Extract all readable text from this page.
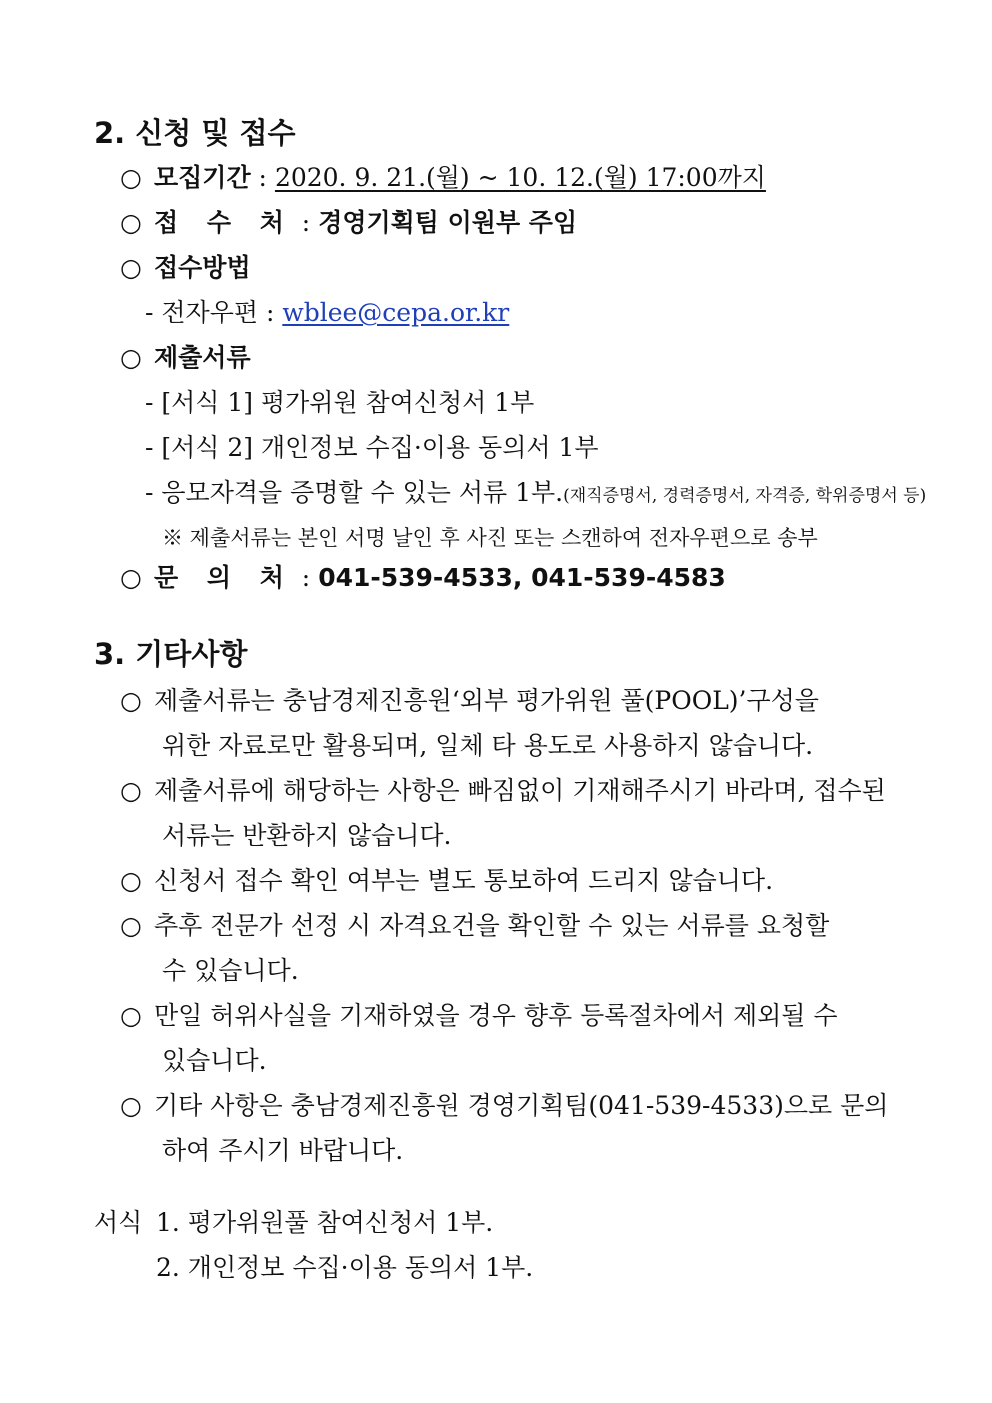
2. 신청 및 접수
○ 모집기간 : 2020. 9. 21.(월) ~ 10. 12.(월) 17:00까지
○ 접 수 처 : 경영기획팀 이원부 주임
○ 접수방법
- 전자우편 : wblee@cepa.or.kr
○ 제출서류
- [서식 1] 평가위원 참여신청서 1부
- [서식 2] 개인정보 수집·이용 동의서 1부
- 응모자격을 증명할 수 있는 서류 1부.(재직증명서, 경력증명서, 자격증, 학위증명서 등)
※ 제출서류는 본인 서명 날인 후 사진 또는 스캔하여 전자우편으로 송부
○ 문 의 처 : 041-539-4533, 041-539-4583
3. 기타사항
○ 제출서류는 충남경제진흥원‘외부 평가위원 풀(POOL)’구성을
위한 자료로만 활용되며, 일체 타 용도로 사용하지 않습니다.
○ 제출서류에 해당하는 사항은 빠짐없이 기재해주시기 바라며, 접수된
서류는 반환하지 않습니다.
○ 신청서 접수 확인 여부는 별도 통보하여 드리지 않습니다.
○ 추후 전문가 선정 시 자격요건을 확인할 수 있는 서류를 요청할
수 있습니다.
○ 만일 허위사실을 기재하였을 경우 향후 등록절차에서 제외될 수
있습니다.
○ 기타 사항은 충남경제진흥원 경영기획팀(041-539-4533)으로 문의
하여 주시기 바랍니다.
서식 1. 평가위원풀 참여신청서 1부.
2. 개인정보 수집·이용 동의서 1부.
